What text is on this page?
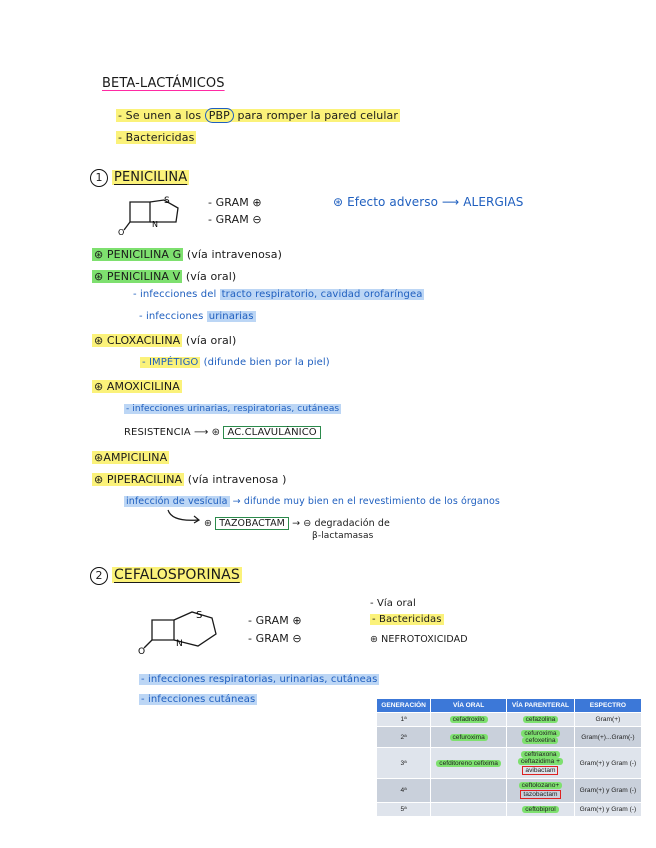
BETA-LACTÁMICOS
- Se unen a los PBP para romper la pared celular
- Bactericidas
1 PENICILINA
S
N
O
- GRAM ⊕
- GRAM ⊖
⊛ Efecto adverso ⟶ ALERGIAS
⊛ PENICILINA G (vía intravenosa)
⊛ PENICILINA V (vía oral)
- infecciones del tracto respiratorio, cavidad orofaríngea
- infecciones urinarias
⊛ CLOXACILINA (vía oral)
- IMPÉTIGO (difunde bien por la piel)
⊛ AMOXICILINA
- infecciones urinarias, respiratorias, cutáneas
RESISTENCIA ⟶ ⊛ AC.CLAVULÁNICO
⊛AMPICILINA
⊛ PIPERACILINA (vía intravenosa )
infección de vesícula → difunde muy bien en el revestimiento de los órganos
⊛ TAZOBACTAM → ⊖ degradación de
β-lactamasas
2 CEFALOSPORINAS
S
N
O
- GRAM ⊕
- GRAM ⊖
- Vía oral
- Bactericidas
⊛ NEFROTOXICIDAD
- infecciones respiratorias, urinarias, cutáneas
- infecciones cutáneas
GENERACIÓN	VÍA ORAL	VÍA PARENTERAL	ESPECTRO
1ª	cefadroxilo	cefazolina	Gram(+)
2ª	cefuroxima	cefuroxima
cefoxetina	Gram(+)...Gram(-)
3ª	cefditoreno cefixima	ceftriaxona
ceftazidima +
avibactam	Gram(+) y Gram (-)
4ª		ceftolozano+
tazobactam	Gram(+) y Gram (-)
5ª		ceftobiprol	Gram(+) y Gram (-)
